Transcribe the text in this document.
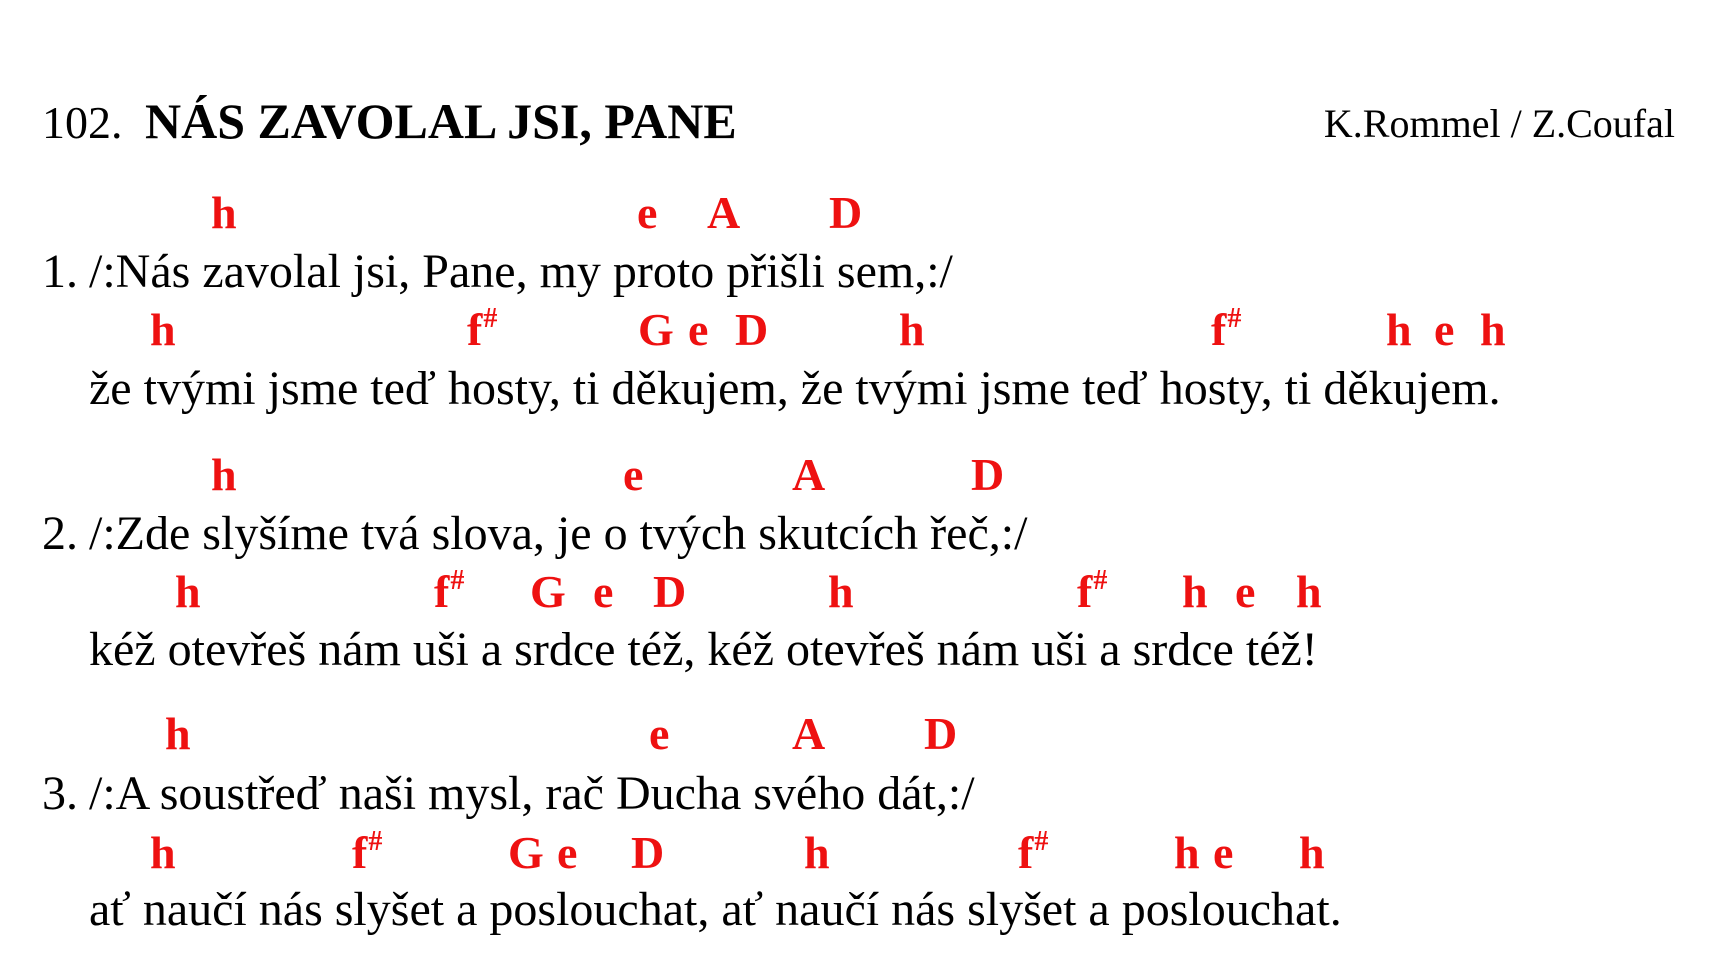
102. NÁS ZAVOLAL JSI, PANE	K.Rommel / Z.Coufal
h	e A D
1. /:Nás zavolal jsi, Pane, my proto přišli sem,:/
h	f#	G e D	h	f#	h e h
že tvými jsme teď hosty, ti děkujem, že tvými jsme teď hosty, ti děkujem.
h	e	A	D
2. /:Zde slyšíme tvá slova, je o tvých skutcích řeč,:/
h	f# G e D	h	f# h e h
kéž otevřeš nám uši a srdce též, kéž otevřeš nám uši a srdce též!
h	e	A D
3. /:A soustřeď naši mysl, rač Ducha svého dát,:/
h	f#	G e D	h	f#	h e h
ať naučí nás slyšet a poslouchat, ať naučí nás slyšet a poslouchat.
